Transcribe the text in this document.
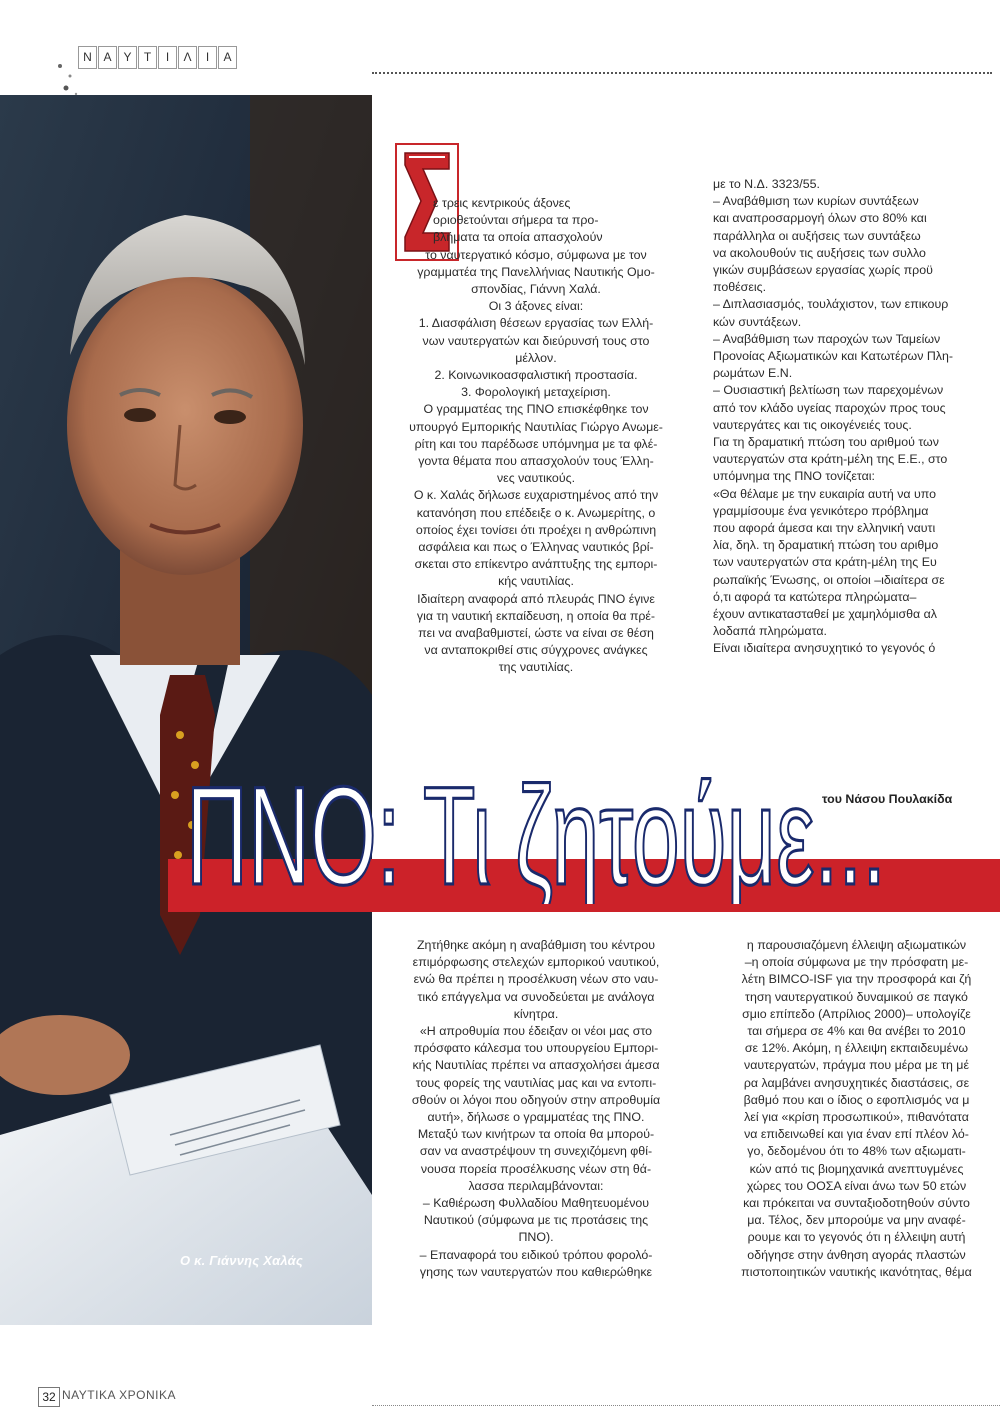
Ν Α Υ	Τ	Ι	Λ	Ι	Α
Ο κ. Γιάννης Χαλάς

ε τρεις κεντρικούς άξονες

οριοθετούνται σήμερα τα προ-

βλήματα τα οποία απασχολούν

το ναυτεργατικό κόσμο, σύμφωνα με τον

γραμματέα της Πανελλήνιας Ναυτικής Ομο-

σπονδίας, Γιάννη Χαλά.

Οι 3 άξονες είναι:

1. Διασφάλιση θέσεων εργασίας των Ελλή-

νων ναυτεργατών και διεύρυνσή τους στο

μέλλον.

2. Κοινωνικοασφαλιστική προστασία.

3. Φορολογική μεταχείριση.

Ο γραμματέας της ΠΝΟ επισκέφθηκε τον

υπουργό Εμπορικής Ναυτιλίας Γιώργο Ανωμε-

ρίτη και του παρέδωσε υπόμνημα με τα φλέ-

γοντα θέματα που απασχολούν τους Έλλη-

νες ναυτικούς.

Ο κ. Χαλάς δήλωσε ευχαριστημένος από την

κατανόηση που επέδειξε ο κ. Ανωμερίτης, ο

οποίος έχει τονίσει ότι προέχει η ανθρώπινη

ασφάλεια και πως ο Έλληνας ναυτικός βρί-

σκεται στο επίκεντρο ανάπτυξης της εμπορι-

κής ναυτιλίας.

Ιδιαίτερη αναφορά από πλευράς ΠΝΟ έγινε

για τη ναυτική εκπαίδευση, η οποία θα πρέ-

πει να αναβαθμιστεί, ώστε να είναι σε θέση

να ανταποκριθεί στις σύγχρονες ανάγκες

της ναυτιλίας.

με το Ν.Δ. 3323/55.

– Αναβάθμιση των κυρίων συντάξεων

και αναπροσαρμογή όλων στο 80% και

παράλληλα οι αυξήσεις των συντάξεω

να ακολουθούν τις αυξήσεις των συλλο

γικών συμβάσεων εργασίας χωρίς προϋ

ποθέσεις.

– Διπλασιασμός, τουλάχιστον, των επικουρ

κών συντάξεων.

– Αναβάθμιση των παροχών των Ταμείων

Προνοίας Αξιωματικών και Κατωτέρων Πλη-

ρωμάτων Ε.Ν.

– Ουσιαστική βελτίωση των παρεχομένων

από τον κλάδο υγείας παροχών προς τους

ναυτεργάτες και τις οικογένειές τους.

Για τη δραματική πτώση του αριθμού των

ναυτεργατών στα κράτη-μέλη της Ε.Ε., στο

υπόμνημα της ΠΝΟ τονίζεται:

«Θα θέλαμε με την ευκαιρία αυτή να υπο

γραμμίσουμε ένα γενικότερο πρόβλημα

που αφορά άμεσα και την ελληνική ναυτι

λία, δηλ. τη δραματική πτώση του αριθμο

των ναυτεργατών στα κράτη-μέλη της Ευ

ρωπαϊκής Ένωσης, οι οποίοι –ιδιαίτερα σε

ό,τι αφορά τα κατώτερα πληρώματα–

έχουν αντικατασταθεί με χαμηλόμισθα αλ

λοδαπά πληρώματα.

Είναι ιδιαίτερα ανησυχητικό το γεγονός ό

Ζητήθηκε ακόμη η αναβάθμιση του κέντρου

επιμόρφωσης στελεχών εμπορικού ναυτικού,

ενώ θα πρέπει η προσέλκυση νέων στο ναυ-

τικό επάγγελμα να συνοδεύεται με ανάλογα

κίνητρα.

«Η απροθυμία που έδειξαν οι νέοι μας στο

πρόσφατο κάλεσμα του υπουργείου Εμπορι-

κής Ναυτιλίας πρέπει να απασχολήσει άμεσα

τους φορείς της ναυτιλίας μας και να εντοπι-

σθούν οι λόγοι που οδηγούν στην απροθυμία

αυτή», δήλωσε ο γραμματέας της ΠΝΟ.

Μεταξύ των κινήτρων τα οποία θα μπορού-

σαν να αναστρέψουν τη συνεχιζόμενη φθί-

νουσα πορεία προσέλκυσης νέων στη θά-

λασσα περιλαμβάνονται:

– Καθιέρωση Φυλλαδίου Μαθητευομένου

Ναυτικού (σύμφωνα με τις προτάσεις της

ΠΝΟ).

– Επαναφορά του ειδικού τρόπου φορολό-

γησης των ναυτεργατών που καθιερώθηκε

η παρουσιαζόμενη έλλειψη αξιωματικών

–η οποία σύμφωνα με την πρόσφατη με-

λέτη BIMCO-ISF για την προσφορά και ζή

τηση ναυτεργατικού δυναμικού σε παγκό

σμιο επίπεδο (Απρίλιος 2000)– υπολογίζε

ται σήμερα σε 4% και θα ανέβει το 2010

σε 12%. Ακόμη, η έλλειψη εκπαιδευμένω

ναυτεργατών, πράγμα που μέρα με τη μέ

ρα λαμβάνει ανησυχητικές διαστάσεις, σε

βαθμό που και ο ίδιος ο εφοπλισμός να μ

λεί για «κρίση προσωπικού», πιθανότατα

να επιδεινωθεί και για έναν επί πλέον λό-

γο, δεδομένου ότι το 48% των αξιωματι-

κών από τις βιομηχανικά ανεπτυγμένες

χώρες του ΟΟΣΑ είναι άνω των 50 ετών

και πρόκειται να συνταξιοδοτηθούν σύντο

μα. Τέλος, δεν μπορούμε να μην αναφέ-

ρουμε και το γεγονός ότι η έλλειψη αυτή

οδήγησε στην άνθηση αγοράς πλαστών

πιστοποιητικών ναυτικής ικανότητας, θέμα

ΠΝΟ: Τι ζητούμε...
του Νάσου Πουλακίδα
32 ΝΑΥΤΙΚΑ ΧΡΟΝΙΚΑ
